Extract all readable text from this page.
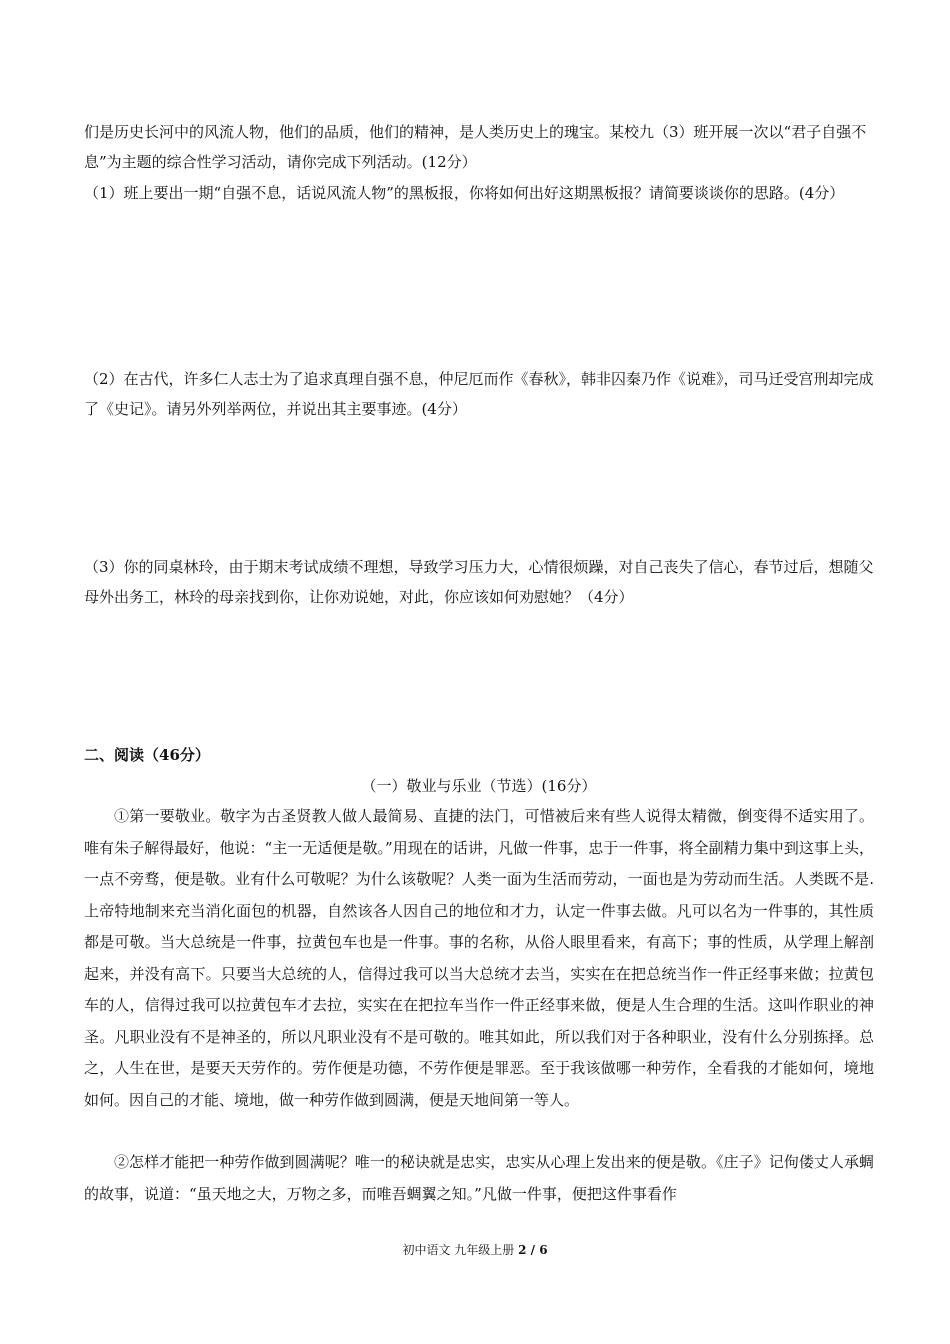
们是历史长河中的风流人物，他们的品质，他们的精神，是人类历史上的瑰宝。某校九（3）班开展一次以“君子自强不息”为主题的综合性学习活动，请你完成下列活动。(12分）

（1）班上要出一期“自强不息，话说风流人物”的黑板报，你将如何出好这期黑板报？请简要谈谈你的思路。(4分）

（2）在古代，许多仁人志士为了追求真理自强不息，仲尼厄而作《春秋》，韩非囚秦乃作《说难》，司马迁受宫刑却完成了《史记》。请另外列举两位，并说出其主要事迹。(4分）

（3）你的同桌林玲，由于期末考试成绩不理想，导致学习压力大，心情很烦躁，对自己丧失了信心，春节过后，想随父母外出务工，林玲的母亲找到你，让你劝说她，对此，你应该如何劝慰她？（4分）

二、阅读（46分）

（一）敬业与乐业（节选）(16分）

①第一要敬业。敬字为古圣贤教人做人最简易、直捷的法门，可惜被后来有些人说得太精微，倒变得不适实用了。唯有朱子解得最好，他说：“主一无适便是敬。”用现在的话讲，凡做一件事，忠于一件事，将全副精力集中到这事上头，一点不旁骛，便是敬。业有什么可敬呢？为什么该敬呢？人类一面为生活而劳动，一面也是为劳动而生活。人类既不是.上帝特地制来充当消化面包的机器，自然该各人因自己的地位和才力，认定一件事去做。凡可以名为一件事的，其性质都是可敬。当大总统是一件事，拉黄包车也是一件事。事的名称，从俗人眼里看来，有高下；事的性质，从学理上解剖起来，并没有高下。只要当大总统的人，信得过我可以当大总统才去当，实实在在把总统当作一件正经事来做；拉黄包车的人，信得过我可以拉黄包车才去拉，实实在在把拉车当作一件正经事来做，便是人生合理的生活。这叫作职业的神圣。凡职业没有不是神圣的，所以凡职业没有不是可敬的。唯其如此，所以我们对于各种职业，没有什么分别拣择。总之，人生在世，是要天天劳作的。劳作便是功德，不劳作便是罪恶。至于我该做哪一种劳作，全看我的才能如何，境地如何。因自己的才能、境地，做一种劳作做到圆满，便是天地间第一等人。

②怎样才能把一种劳作做到圆满呢？唯一的秘诀就是忠实，忠实从心理上发出来的便是敬。《庄子》记佝偻丈人承蜩的故事，说道：“虽天地之大，万物之多，而唯吾蜩翼之知。”凡做一件事，便把这件事看作

初中语文 九年级上册 2 / 6
